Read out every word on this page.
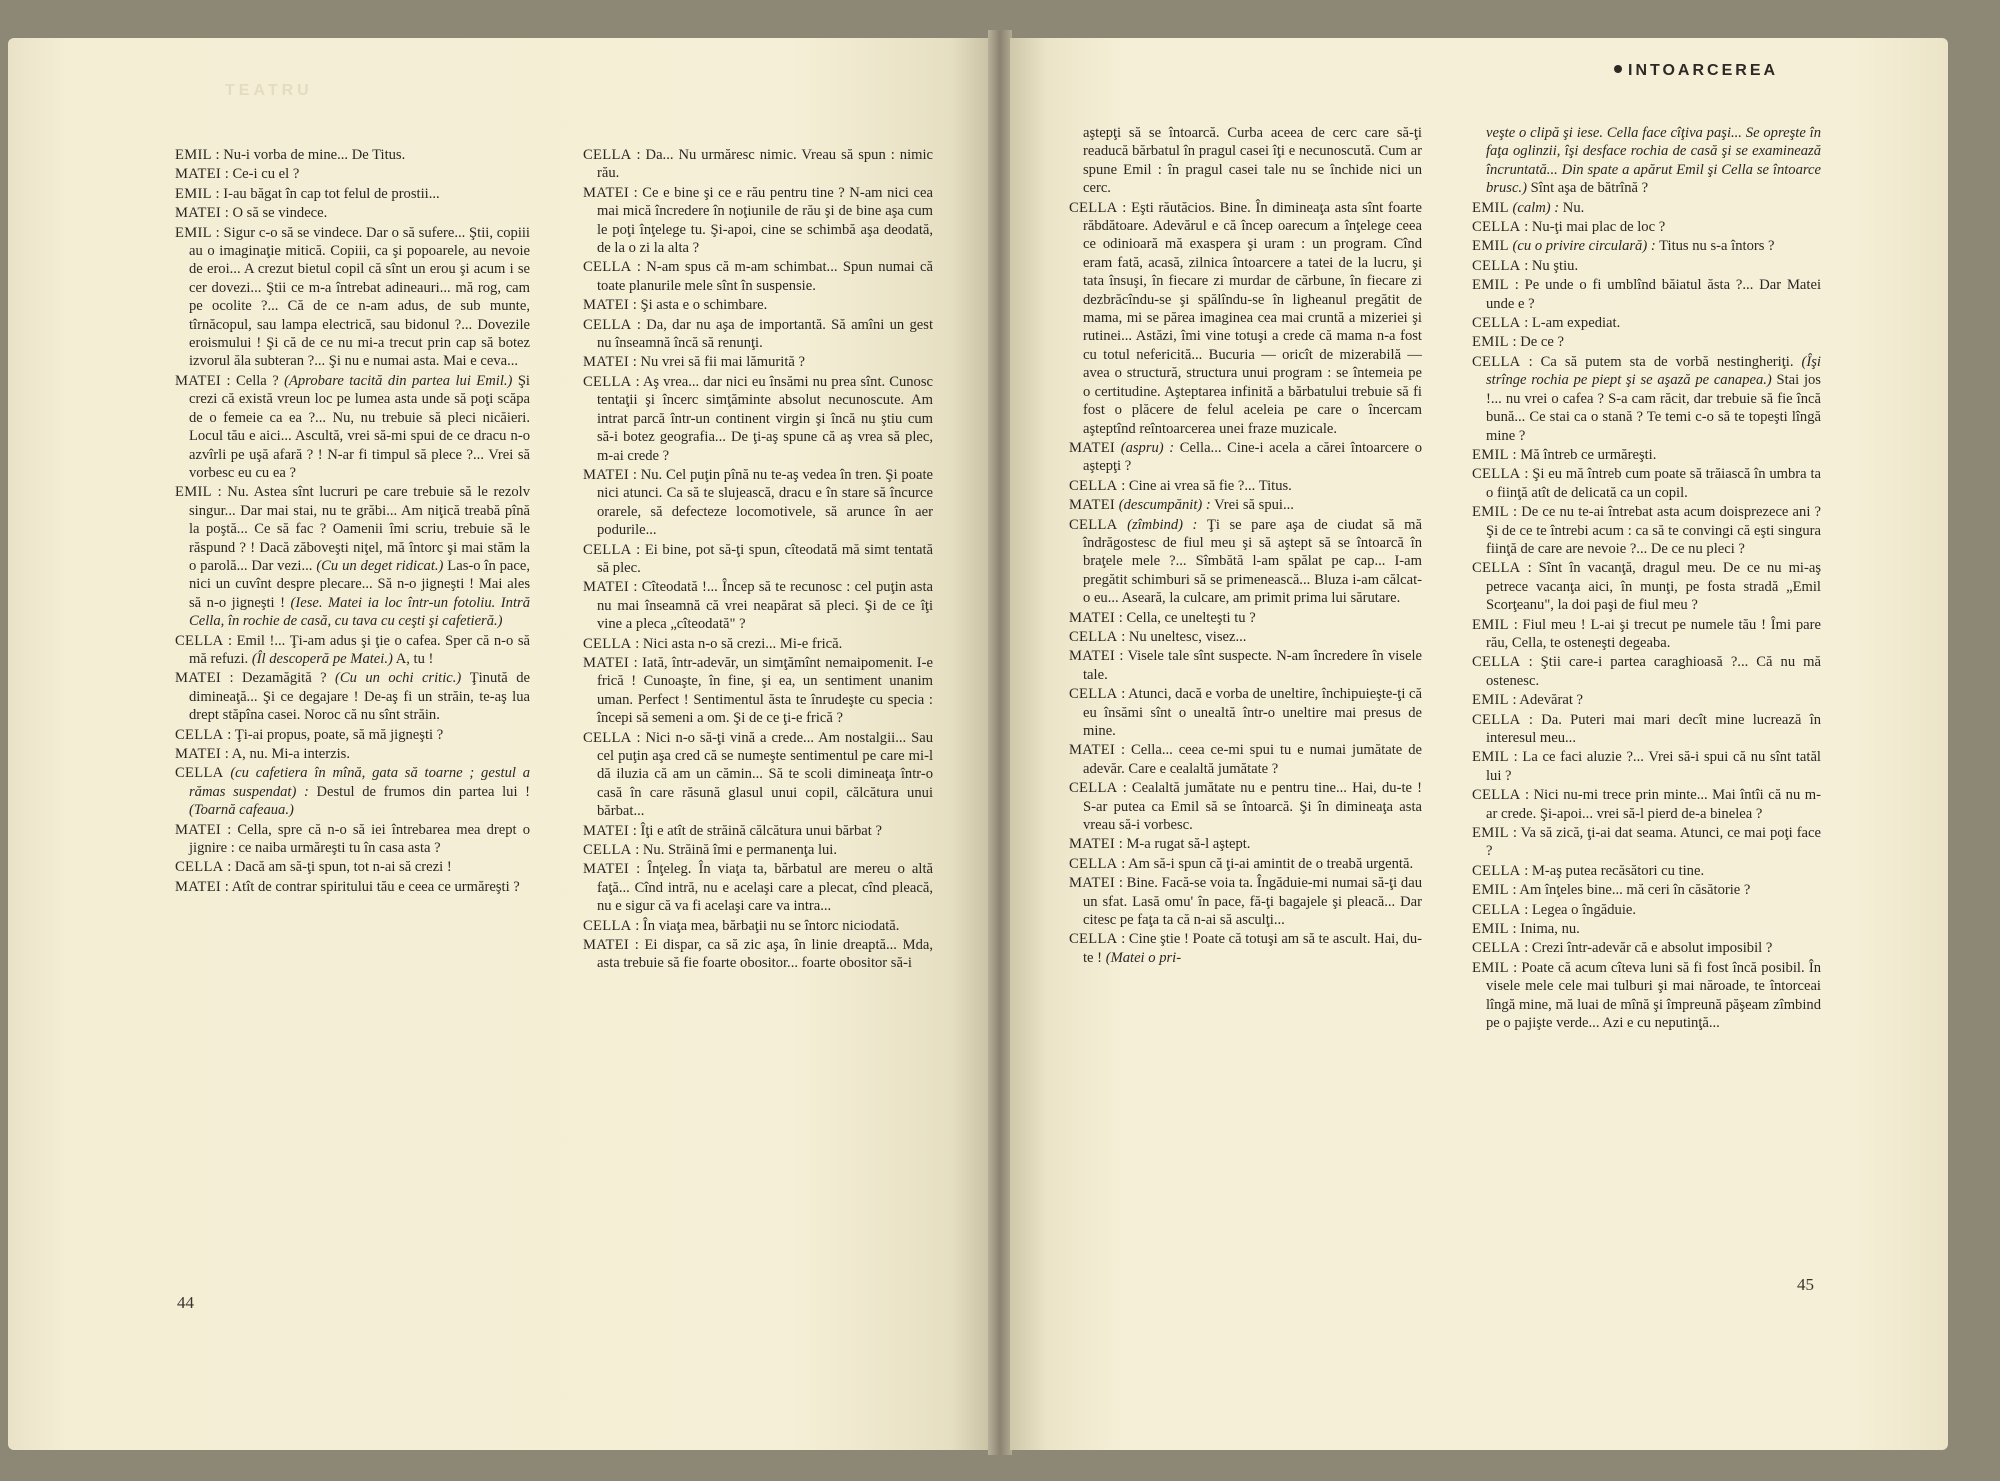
TEATRU
INTOARCEREA

EMIL : Nu-i vorba de mine... De Titus.

MATEI : Ce-i cu el ?

EMIL : I-au băgat în cap tot felul de prostii...

MATEI : O să se vindece.

EMIL : Sigur c-o să se vindece. Dar o să sufere... Ştii, copiii au o imaginaţie mitică. Copiii, ca şi popoarele, au nevoie de eroi... A crezut bietul copil că sînt un erou şi acum i se cer dovezi... Ştii ce m-a întrebat adineauri... mă rog, cam pe ocolite ?... Că de ce n-am adus, de sub munte, tîrnăcopul, sau lampa electrică, sau bidonul ?... Dovezile eroismului ! Şi că de ce nu mi-a trecut prin cap să botez izvorul ăla subteran ?... Şi nu e numai asta. Mai e ceva...

MATEI : Cella ? (Aprobare tacită din partea lui Emil.) Şi crezi că există vreun loc pe lumea asta unde să poţi scăpa de o femeie ca ea ?... Nu, nu trebuie să pleci nicăieri. Locul tău e aici... Ascultă, vrei să-mi spui de ce dracu n-o azvîrli pe uşă afară ? ! N-ar fi timpul să plece ?... Vrei să vorbesc eu cu ea ?

EMIL : Nu. Astea sînt lucruri pe care trebuie să le rezolv singur... Dar mai stai, nu te grăbi... Am niţică treabă pînă la poştă... Ce să fac ? Oamenii îmi scriu, trebuie să le răspund ? ! Dacă zăboveşti niţel, mă întorc şi mai stăm la o parolă... Dar vezi... (Cu un deget ridicat.) Las-o în pace, nici un cuvînt despre plecare... Să n-o jigneşti ! Mai ales să n-o jigneşti ! (Iese. Matei ia loc într-un fotoliu. Intră Cella, în rochie de casă, cu tava cu ceşti şi cafetieră.)

CELLA : Emil !... Ţi-am adus şi ţie o cafea. Sper că n-o să mă refuzi. (Îl descoperă pe Matei.) A, tu !

MATEI : Dezamăgită ? (Cu un ochi critic.) Ţinută de dimineaţă... Şi ce degajare ! De-aş fi un străin, te-aş lua drept stăpîna casei. Noroc că nu sînt străin.

CELLA : Ţi-ai propus, poate, să mă jigneşti ?

MATEI : A, nu. Mi-a interzis.

CELLA (cu cafetiera în mînă, gata să toarne ; gestul a rămas suspendat) : Destul de frumos din partea lui ! (Toarnă cafeaua.)

MATEI : Cella, spre că n-o să iei întrebarea mea drept o jignire : ce naiba urmăreşti tu în casa asta ?

CELLA : Dacă am să-ţi spun, tot n-ai să crezi !

MATEI : Atît de contrar spiritului tău e ceea ce urmăreşti ?

CELLA : Da... Nu urmăresc nimic. Vreau să spun : nimic rău.

MATEI : Ce e bine şi ce e rău pentru tine ? N-am nici cea mai mică încredere în noţiunile de rău şi de bine aşa cum le poţi înţelege tu. Şi-apoi, cine se schimbă aşa deodată, de la o zi la alta ?

CELLA : N-am spus că m-am schimbat... Spun numai că toate planurile mele sînt în suspensie.

MATEI : Şi asta e o schimbare.

CELLA : Da, dar nu aşa de importantă. Să amîni un gest nu înseamnă încă să renunţi.

MATEI : Nu vrei să fii mai lămurită ?

CELLA : Aş vrea... dar nici eu însămi nu prea sînt. Cunosc tentaţii şi încerc simţăminte absolut necunoscute. Am intrat parcă într-un continent virgin şi încă nu ştiu cum să-i botez geografia... De ţi-aş spune că aş vrea să plec, m-ai crede ?

MATEI : Nu. Cel puţin pînă nu te-aş vedea în tren. Şi poate nici atunci. Ca să te slujească, dracu e în stare să încurce orarele, să defecteze locomotivele, să arunce în aer podurile...

CELLA : Ei bine, pot să-ţi spun, cîteodată mă simt tentată să plec.

MATEI : Cîteodată !... Încep să te recunosc : cel puţin asta nu mai înseamnă că vrei neapărat să pleci. Şi de ce îţi vine a pleca „cîteodată" ?

CELLA : Nici asta n-o să crezi... Mi-e frică.

MATEI : Iată, într-adevăr, un simţămînt nemaipomenit. I-e frică ! Cunoaşte, în fine, şi ea, un sentiment unanim uman. Perfect ! Sentimentul ăsta te înrudeşte cu specia : începi să semeni a om. Şi de ce ţi-e frică ?

CELLA : Nici n-o să-ţi vină a crede... Am nostalgii... Sau cel puţin aşa cred că se numeşte sentimentul pe care mi-l dă iluzia că am un cămin... Să te scoli dimineaţa într-o casă în care răsună glasul unui copil, călcătura unui bărbat...

MATEI : Îţi e atît de străină călcătura unui bărbat ?

CELLA : Nu. Străină îmi e permanenţa lui.

MATEI : Înţeleg. În viaţa ta, bărbatul are mereu o altă faţă... Cînd intră, nu e acelaşi care a plecat, cînd pleacă, nu e sigur că va fi acelaşi care va intra...

CELLA : În viaţa mea, bărbaţii nu se întorc niciodată.

MATEI : Ei dispar, ca să zic aşa, în linie dreaptă... Mda, asta trebuie să fie foarte obositor... foarte obositor să-i

aştepţi să se întoarcă. Curba aceea de cerc care să-ţi readucă bărbatul în pragul casei îţi e necunoscută. Cum ar spune Emil : în pragul casei tale nu se închide nici un cerc.

CELLA : Eşti răutăcios. Bine. În dimineaţa asta sînt foarte răbdătoare. Adevărul e că încep oarecum a înţelege ceea ce odinioară mă exaspera şi uram : un program. Cînd eram fată, acasă, zilnica întoarcere a tatei de la lucru, şi tata însuşi, în fiecare zi murdar de cărbune, în fiecare zi dezbrăcîndu-se şi spălîndu-se în ligheanul pregătit de mama, mi se părea imaginea cea mai cruntă a mizeriei şi rutinei... Astăzi, îmi vine totuşi a crede că mama n-a fost cu totul nefericită... Bucuria — oricît de mizerabilă — avea o structură, structura unui program : se întemeia pe o certitudine. Aşteptarea infinită a bărbatului trebuie să fi fost o plăcere de felul aceleia pe care o încercam aşteptînd reîntoarcerea unei fraze muzicale.

MATEI (aspru) : Cella... Cine-i acela a cărei întoarcere o aştepţi ?

CELLA : Cine ai vrea să fie ?... Titus.

MATEI (descumpănit) : Vrei să spui...

CELLA (zîmbind) : Ţi se pare aşa de ciudat să mă îndrăgostesc de fiul meu şi să aştept să se întoarcă în braţele mele ?... Sîmbătă l-am spălat pe cap... I-am pregătit schimburi să se primenească... Bluza i-am călcat-o eu... Aseară, la culcare, am primit prima lui sărutare.

MATEI : Cella, ce unelteşti tu ?

CELLA : Nu uneltesc, visez...

MATEI : Visele tale sînt suspecte. N-am încredere în visele tale.

CELLA : Atunci, dacă e vorba de uneltire, închipuieşte-ţi că eu însămi sînt o unealtă într-o uneltire mai presus de mine.

MATEI : Cella... ceea ce-mi spui tu e numai jumătate de adevăr. Care e cealaltă jumătate ?

CELLA : Cealaltă jumătate nu e pentru tine... Hai, du-te ! S-ar putea ca Emil să se întoarcă. Şi în dimineaţa asta vreau să-i vorbesc.

MATEI : M-a rugat să-l aştept.

CELLA : Am să-i spun că ţi-ai amintit de o treabă urgentă.

MATEI : Bine. Facă-se voia ta. Îngăduie-mi numai să-ţi dau un sfat. Lasă omu' în pace, fă-ţi bagajele şi pleacă... Dar citesc pe faţa ta că n-ai să asculţi...

CELLA : Cine ştie ! Poate că totuşi am să te ascult. Hai, du-te ! (Matei o pri-

veşte o clipă şi iese. Cella face cîţiva paşi... Se opreşte în faţa oglinzii, îşi desface rochia de casă şi se examinează încruntată... Din spate a apărut Emil şi Cella se întoarce brusc.) Sînt aşa de bătrînă ?

EMIL (calm) : Nu.

CELLA : Nu-ţi mai plac de loc ?

EMIL (cu o privire circulară) : Titus nu s-a întors ?

CELLA : Nu ştiu.

EMIL : Pe unde o fi umblînd băiatul ăsta ?... Dar Matei unde e ?

CELLA : L-am expediat.

EMIL : De ce ?

CELLA : Ca să putem sta de vorbă nestingheriţi. (Îşi strînge rochia pe piept şi se aşază pe canapea.) Stai jos !... nu vrei o cafea ? S-a cam răcit, dar trebuie să fie încă bună... Ce stai ca o stană ? Te temi c-o să te topeşti lîngă mine ?

EMIL : Mă întreb ce urmăreşti.

CELLA : Şi eu mă întreb cum poate să trăiască în umbra ta o fiinţă atît de delicată ca un copil.

EMIL : De ce nu te-ai întrebat asta acum doisprezece ani ? Şi de ce te întrebi acum : ca să te convingi că eşti singura fiinţă de care are nevoie ?... De ce nu pleci ?

CELLA : Sînt în vacanţă, dragul meu. De ce nu mi-aş petrece vacanţa aici, în munţi, pe fosta stradă „Emil Scorţeanu", la doi paşi de fiul meu ?

EMIL : Fiul meu ! L-ai şi trecut pe numele tău ! Îmi pare rău, Cella, te osteneşti degeaba.

CELLA : Ştii care-i partea caraghioasă ?... Că nu mă ostenesc.

EMIL : Adevărat ?

CELLA : Da. Puteri mai mari decît mine lucrează în interesul meu...

EMIL : La ce faci aluzie ?... Vrei să-i spui că nu sînt tatăl lui ?

CELLA : Nici nu-mi trece prin minte... Mai întîi că nu m-ar crede. Şi-apoi... vrei să-l pierd de-a binelea ?

EMIL : Va să zică, ţi-ai dat seama. Atunci, ce mai poţi face ?

CELLA : M-aş putea recăsători cu tine.

EMIL : Am înţeles bine... mă ceri în căsătorie ?

CELLA : Legea o îngăduie.

EMIL : Inima, nu.

CELLA : Crezi într-adevăr că e absolut imposibil ?

EMIL : Poate că acum cîteva luni să fi fost încă posibil. În visele mele cele mai tulburi şi mai năroade, te întorceai lîngă mine, mă luai de mînă şi împreună păşeam zîmbind pe o pajişte verde... Azi e cu neputinţă...

44
45
